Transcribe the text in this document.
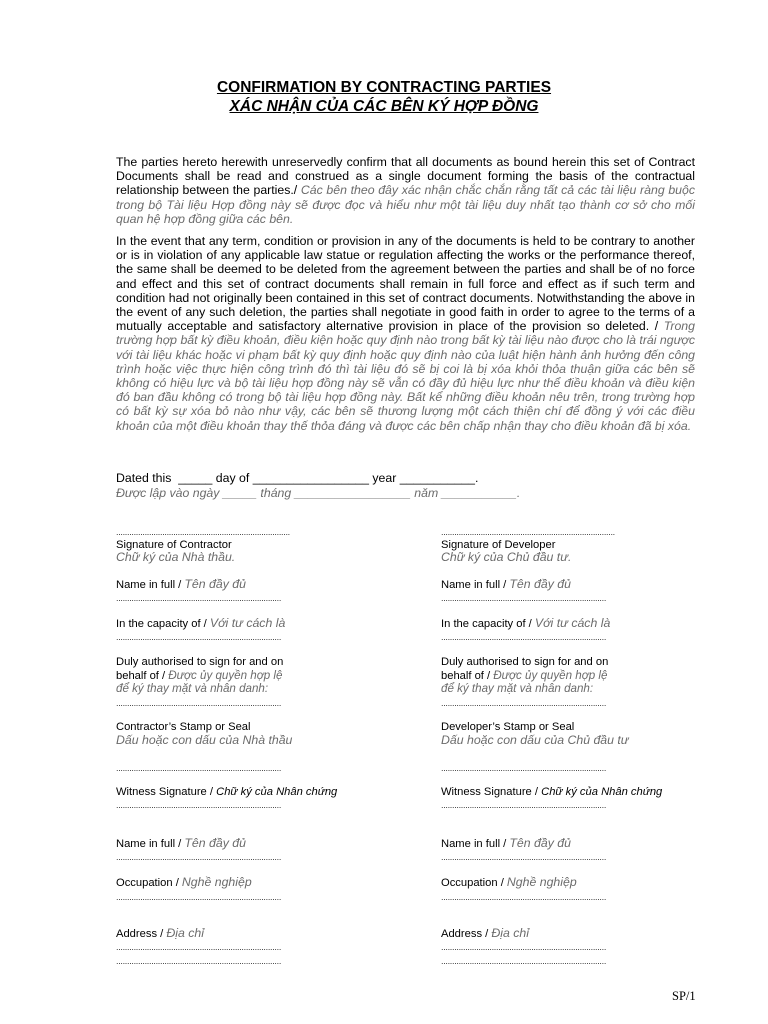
CONFIRMATION BY CONTRACTING PARTIES
XÁC NHẬN CỦA CÁC BÊN KÝ HỢP ĐỒNG
The parties hereto herewith unreservedly confirm that all documents as bound herein this set of Contract Documents shall be read and construed as a single document forming the basis of the contractual relationship between the parties./ Các bên theo đây xác nhận chắc chắn rằng tất cả các tài liệu ràng buộc trong bộ Tài liệu Hợp đồng này sẽ được đọc và hiểu như một tài liệu duy nhất tạo thành cơ sở cho mối quan hệ hợp đồng giữa các bên.
In the event that any term, condition or provision in any of the documents is held to be contrary to another or is in violation of any applicable law statue or regulation affecting the works or the performance thereof, the same shall be deemed to be deleted from the agreement between the parties and shall be of no force and effect and this set of contract documents shall remain in full force and effect as if such term and condition had not originally been contained in this set of contract documents. Notwithstanding the above in the event of any such deletion, the parties shall negotiate in good faith in order to agree to the terms of a mutually acceptable and satisfactory alternative provision in place of the provision so deleted. / Trong trường hợp bất kỳ điều khoản, điều kiện hoặc quy định nào trong bất kỳ tài liệu nào được cho là trái ngược với tài liệu khác hoặc vi phạm bất kỳ quy định hoặc quy định nào của luật hiện hành ảnh hưởng đến công trình hoặc việc thực hiện công trình đó thì tài liệu đó sẽ bị coi là bị xóa khỏi thỏa thuận giữa các bên sẽ không có hiệu lực và bộ tài liệu hợp đồng này sẽ vẫn có đầy đủ hiệu lực như thể điều khoản và điều kiện đó ban đầu không có trong bộ tài liệu hợp đồng này. Bất kể những điều khoản nêu trên, trong trường hợp có bất kỳ sự xóa bỏ nào như vậy, các bên sẽ thương lượng một cách thiện chí để đồng ý với các điều khoản của một điều khoản thay thế thỏa đáng và được các bên chấp nhận thay cho điều khoản đã bị xóa.
Dated this  _____ day of _________________ year ___________.
Được lập vào ngày _____ tháng _________________ năm ___________.
...............................................................................
Signature of Contractor
Chữ ký của Nhà thầu.
Name in full / Tên đầy đủ
...........................................................................
In the capacity of / Với tư cách là
...........................................................................
Duly authorised to sign for and on
behalf of / Được ủy quyền hợp lệ
để ký thay mặt và nhân danh:
...........................................................................
Contractor’s Stamp or Seal
Dấu hoặc con dấu của Nhà thầu
...........................................................................
Witness Signature / Chữ ký của Nhân chứng
...........................................................................
Name in full / Tên đầy đủ
...........................................................................
Occupation / Nghề nghiệp
...........................................................................
Address / Địa chỉ
...........................................................................
...........................................................................
...............................................................................
Signature of Developer
Chữ ký của Chủ đầu tư.
Name in full / Tên đầy đủ
...........................................................................
In the capacity of / Với tư cách là
...........................................................................
Duly authorised to sign for and on
behalf of / Được ủy quyền hợp lệ
để ký thay mặt và nhân danh:
...........................................................................
Developer’s Stamp or Seal
Dấu hoặc con dấu của Chủ đầu tư
...........................................................................
Witness Signature / Chữ ký của Nhân chứng
...........................................................................
Name in full / Tên đầy đủ
...........................................................................
Occupation / Nghề nghiệp
...........................................................................
Address / Địa chỉ
...........................................................................
...........................................................................
SP/1
